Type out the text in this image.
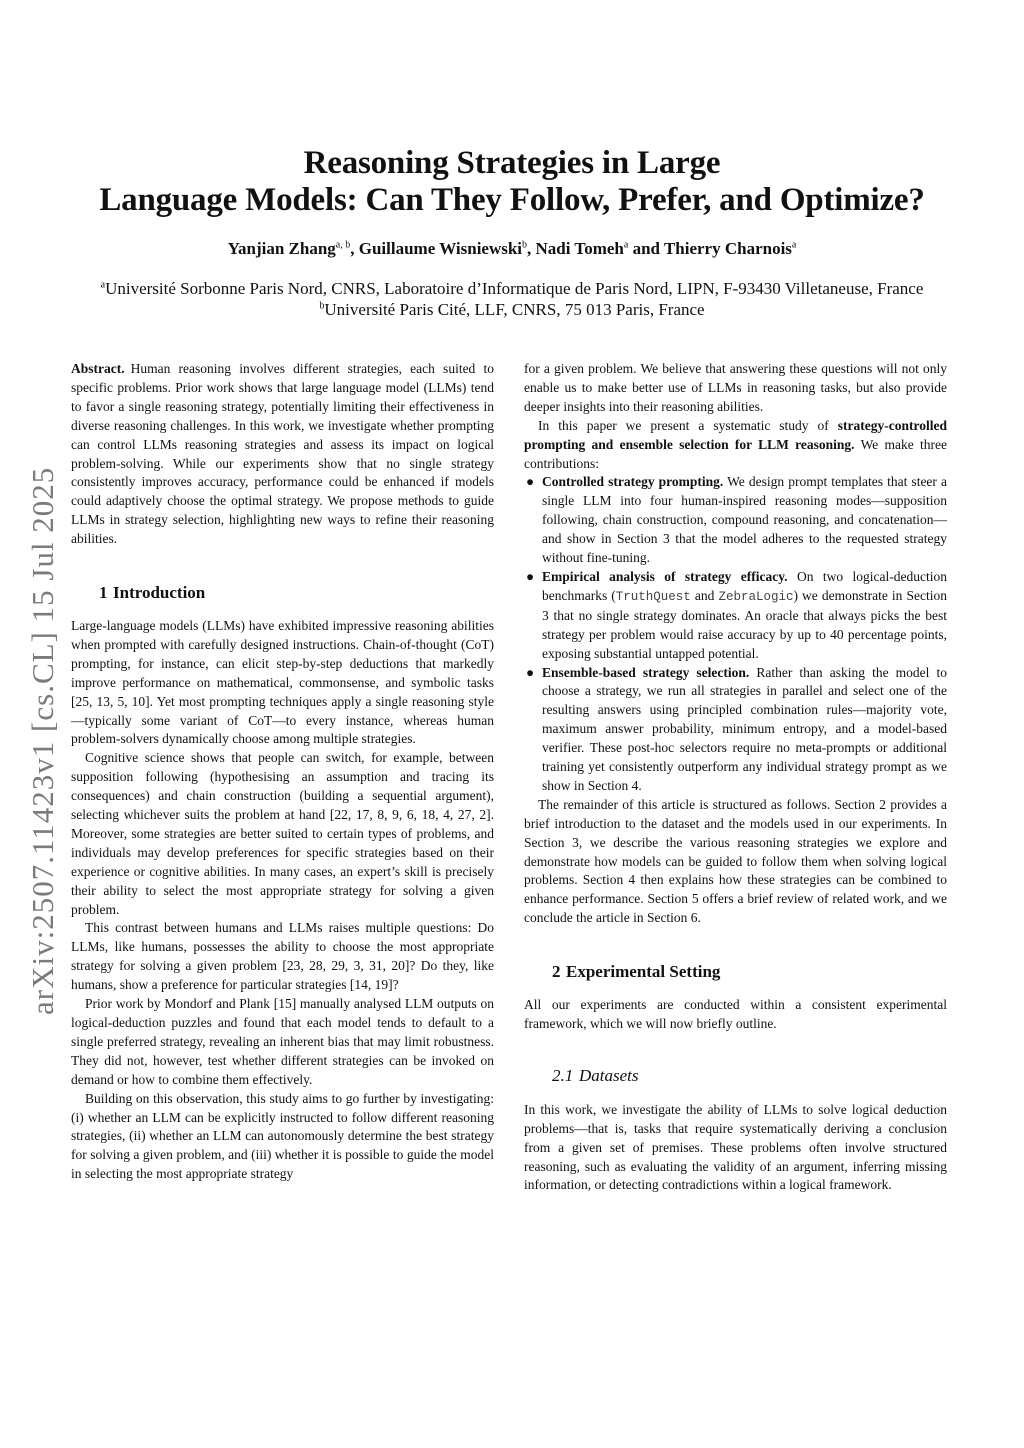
Reasoning Strategies in Large
Language Models: Can They Follow, Prefer, and Optimize?
Yanjian Zhang$^{a, b}$, Guillaume Wisniewski$^b$, Nadi Tomeh$^a$ and Thierry Charnois$^a$
$^a$Université Sorbonne Paris Nord, CNRS, Laboratoire d’Informatique de Paris Nord, LIPN, F-93430 Villetaneuse, France
$^b$Université Paris Cité, LLF, CNRS, 75 013 Paris, France
arXiv:2507.11423v1 [cs.CL] 15 Jul 2025

Abstract. Human reasoning involves different strategies, each suited to specific problems. Prior work shows that large language model (LLMs) tend to favor a single reasoning strategy, potentially limiting their effectiveness in diverse reasoning challenges. In this work, we investigate whether prompting can control LLMs reasoning strategies and assess its impact on logical problem-solving. While our experiments show that no single strategy consistently improves accuracy, performance could be enhanced if models could adaptively choose the optimal strategy. We propose methods to guide LLMs in strategy selection, highlighting new ways to refine their reasoning abilities.

1 Introduction

Large-language models (LLMs) have exhibited impressive reasoning abilities when prompted with carefully designed instructions. Chain-of-thought (CoT) prompting, for instance, can elicit step-by-step deductions that markedly improve performance on mathematical, commonsense, and symbolic tasks [25, 13, 5, 10]. Yet most prompting techniques apply a single reasoning style—typically some variant of CoT—to every instance, whereas human problem-solvers dynamically choose among multiple strategies.

Cognitive science shows that people can switch, for example, between supposition following (hypothesising an assumption and tracing its consequences) and chain construction (building a sequential argument), selecting whichever suits the problem at hand [22, 17, 8, 9, 6, 18, 4, 27, 2]. Moreover, some strategies are better suited to certain types of problems, and individuals may develop preferences for specific strategies based on their experience or cognitive abilities. In many cases, an expert’s skill is precisely their ability to select the most appropriate strategy for solving a given problem.

This contrast between humans and LLMs raises multiple questions: Do LLMs, like humans, possesses the ability to choose the most appropriate strategy for solving a given problem [23, 28, 29, 3, 31, 20]? Do they, like humans, show a preference for particular strategies [14, 19]?

Prior work by Mondorf and Plank [15] manually analysed LLM outputs on logical-deduction puzzles and found that each model tends to default to a single preferred strategy, revealing an inherent bias that may limit robustness. They did not, however, test whether different strategies can be invoked on demand or how to combine them effectively.

Building on this observation, this study aims to go further by investigating: (i) whether an LLM can be explicitly instructed to follow different reasoning strategies, (ii) whether an LLM can autonomously determine the best strategy for solving a given problem, and (iii) whether it is possible to guide the model in selecting the most appropriate strategy

for a given problem. We believe that answering these questions will not only enable us to make better use of LLMs in reasoning tasks, but also provide deeper insights into their reasoning abilities.

In this paper we present a systematic study of strategy-controlled prompting and ensemble selection for LLM reasoning. We make three contributions:

● Controlled strategy prompting. We design prompt templates that steer a single LLM into four human-inspired reasoning modes—supposition following, chain construction, compound reasoning, and concatenation—and show in Section 3 that the model adheres to the requested strategy without fine-tuning.
● Empirical analysis of strategy efficacy. On two logical-deduction benchmarks (TruthQuest and ZebraLogic) we demonstrate in Section 3 that no single strategy dominates. An oracle that always picks the best strategy per problem would raise accuracy by up to 40 percentage points, exposing substantial untapped potential.
● Ensemble-based strategy selection. Rather than asking the model to choose a strategy, we run all strategies in parallel and select one of the resulting answers using principled combination rules—majority vote, maximum answer probability, minimum entropy, and a model-based verifier. These post-hoc selectors require no meta-prompts or additional training yet consistently outperform any individual strategy prompt as we show in Section 4.

The remainder of this article is structured as follows. Section 2 provides a brief introduction to the dataset and the models used in our experiments. In Section 3, we describe the various reasoning strategies we explore and demonstrate how models can be guided to follow them when solving logical problems. Section 4 then explains how these strategies can be combined to enhance performance. Section 5 offers a brief review of related work, and we conclude the article in Section 6.

2 Experimental Setting

All our experiments are conducted within a consistent experimental framework, which we will now briefly outline.

2.1 Datasets

In this work, we investigate the ability of LLMs to solve logical deduction problems—that is, tasks that require systematically deriving a conclusion from a given set of premises. These problems often involve structured reasoning, such as evaluating the validity of an argument, inferring missing information, or detecting contradictions within a logical framework.
